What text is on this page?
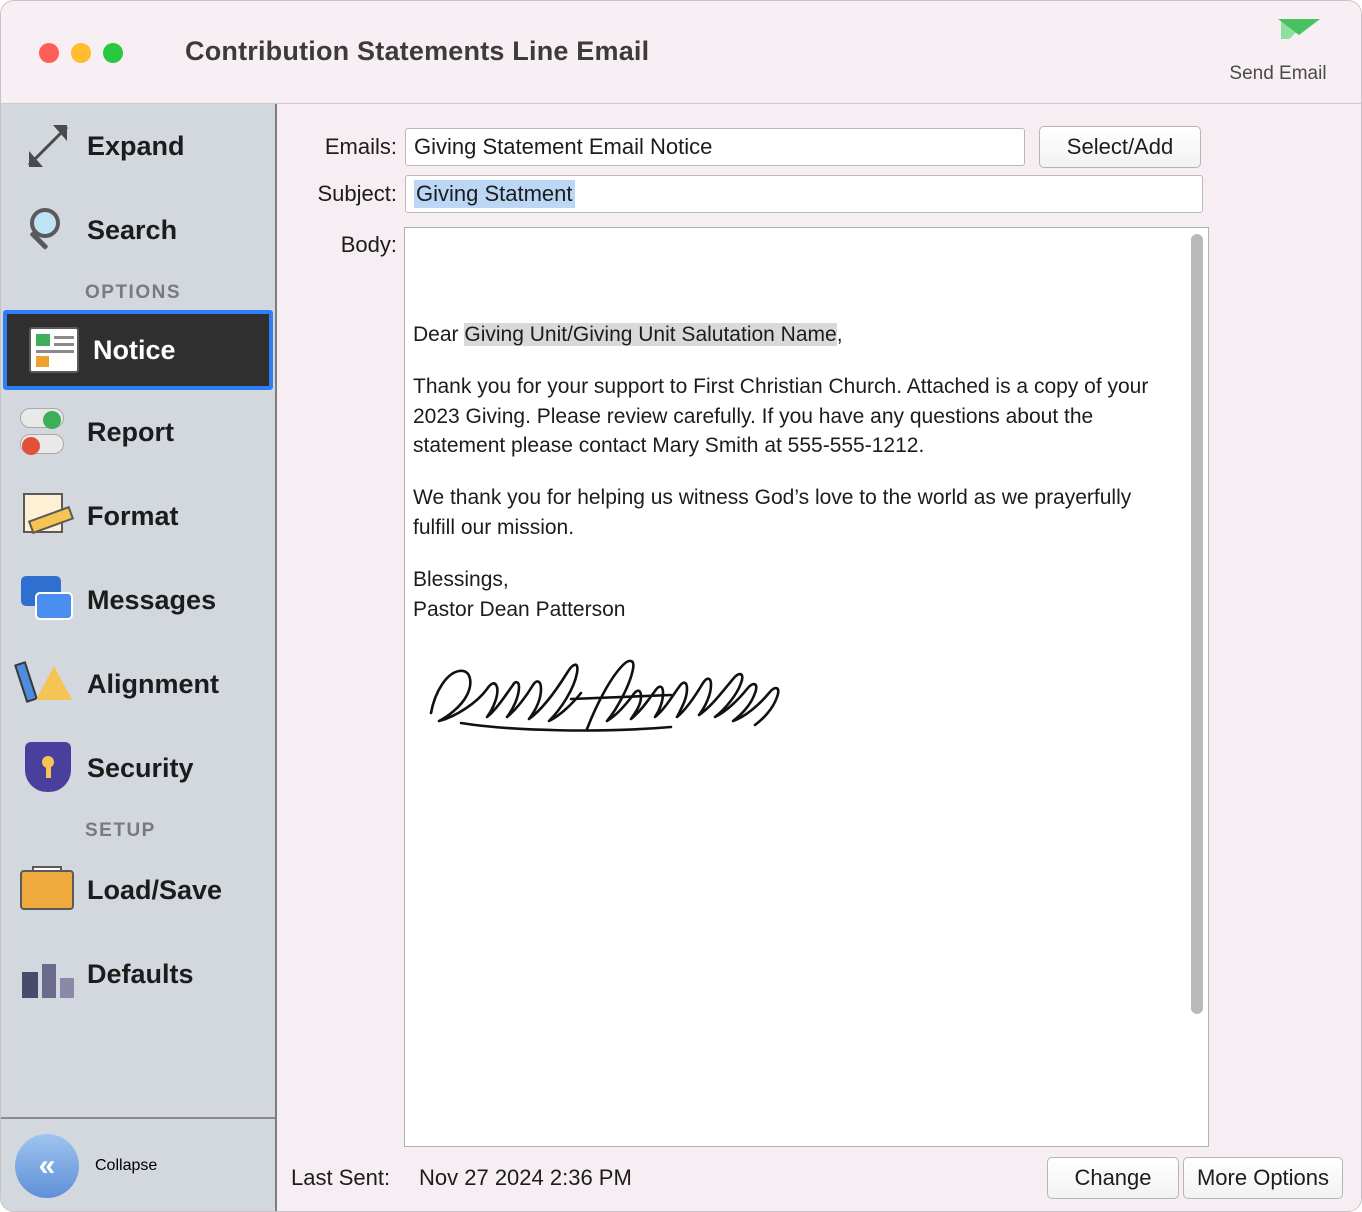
Contribution Statements Line Email
Send Email
Expand
Search
OPTIONS
Notice
Report
Format
Messages
Alignment
Security
SETUP
Load/Save
Defaults
«	Collapse
Emails: Giving Statement Email Notice	Select/Add
Subject: Giving Statment
Body:

Dear Giving Unit/Giving Unit Salutation Name,

Thank you for your support to First Christian Church. Attached is a copy of your 2023 Giving. Please review carefully. If you have any questions about the statement please contact Mary Smith at 555-555-1212.

We thank you for helping us witness God’s love to the world as we prayerfully fulfill our mission.

Blessings,

Pastor Dean Patterson

Last Sent: Nov 27 2024 2:36 PM	Change	More Options
